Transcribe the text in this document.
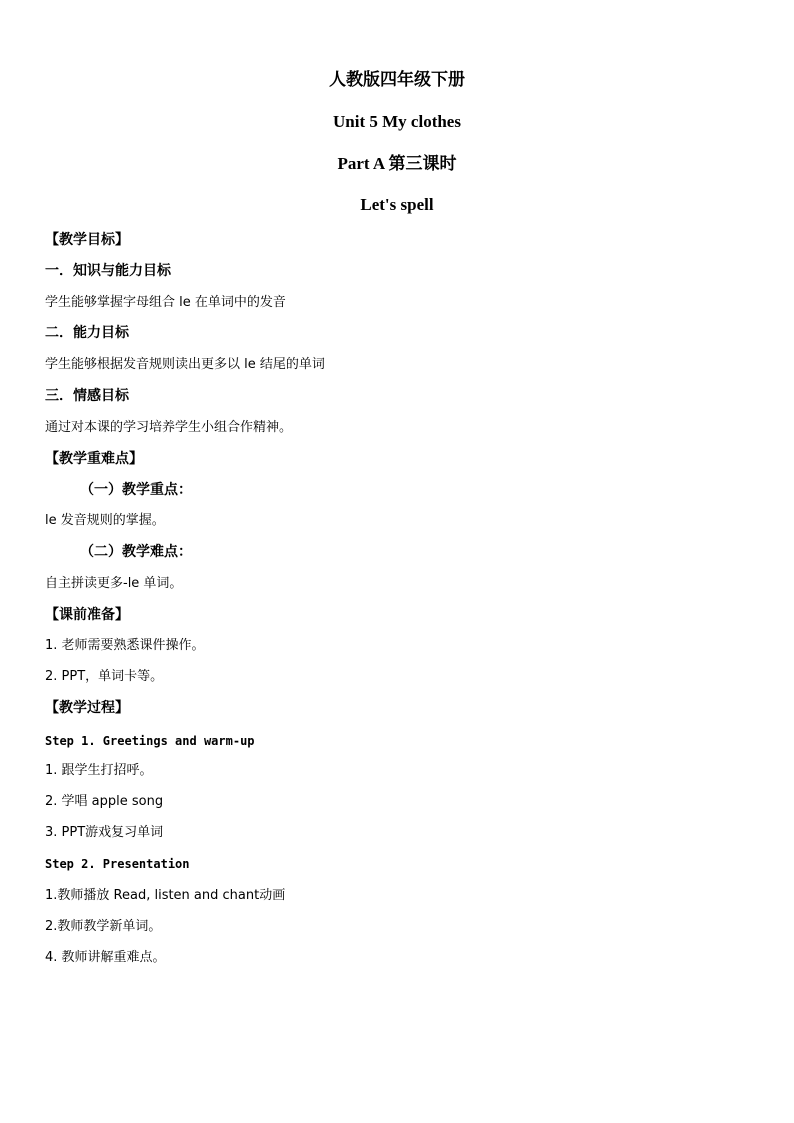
人教版四年级下册
Unit 5 My clothes
Part A 第三课时
Let's spell
【教学目标】
一．知识与能力目标
学生能够掌握字母组合 le 在单词中的发音
二．能力目标
学生能够根据发音规则读出更多以 le 结尾的单词
三．情感目标
通过对本课的学习培养学生小组合作精神。
【教学重难点】
（一）教学重点：
le 发音规则的掌握。
（二）教学难点：
自主拼读更多-le 单词。
【课前准备】
1. 老师需要熟悉课件操作。
2. PPT，单词卡等。
【教学过程】
Step 1. Greetings and warm-up
1. 跟学生打招呼。
2. 学唱 apple song
3. PPT游戏复习单词
Step 2. Presentation
1.教师播放 Read, listen and chant动画
2.教师教学新单词。
4. 教师讲解重难点。
